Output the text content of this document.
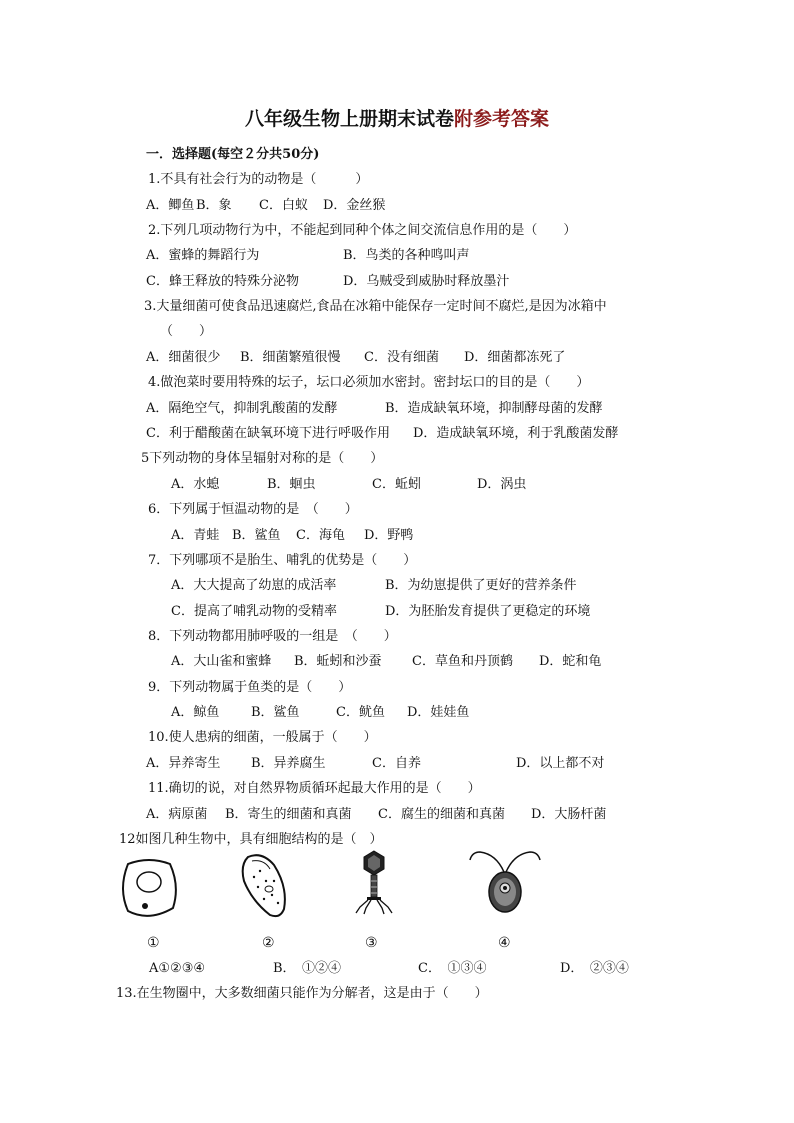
八年级生物上册期末试卷附参考答案
一．选择题(每空２分共50分)
1.不具有社会行为的动物是（　　　）
A．鲫鱼 B．象 C．白蚁 D．金丝猴
2.下列几项动物行为中，不能起到同种个体之间交流信息作用的是（　　）
A．蜜蜂的舞蹈行为	B．鸟类的各种鸣叫声
C．蜂王释放的特殊分泌物	D．乌贼受到威胁时释放墨汁
3.大量细菌可使食品迅速腐烂,食品在冰箱中能保存一定时间不腐烂,是因为冰箱中
（　　）
A．细菌很少 B．细菌繁殖很慢 C．没有细菌 D．细菌都冻死了
4.做泡菜时要用特殊的坛子，坛口必须加水密封。密封坛口的目的是（　　）
A．隔绝空气，抑制乳酸菌的发酵	B．造成缺氧环境，抑制酵母菌的发酵
C．利于醋酸菌在缺氧环境下进行呼吸作用 D．造成缺氧环境，利于乳酸菌发酵
5下列动物的身体呈辐射对称的是（　　）
A．水螅	B．蛔虫	C．蚯蚓	D．涡虫
6．下列属于恒温动物的是　（　　）
A．青蛙 B．鲨鱼 C．海龟 D．野鸭
7．下列哪项不是胎生、哺乳的优势是（　　）
A．大大提高了幼崽的成活率	B．为幼崽提供了更好的营养条件
C．提高了哺乳动物的受精率	D．为胚胎发育提供了更稳定的环境
8．下列动物都用肺呼吸的一组是　（　　）
A．大山雀和蜜蜂 B．蚯蚓和沙蚕 C．草鱼和丹顶鹤 D．蛇和龟
9．下列动物属于鱼类的是（　　）
A．鲸鱼 B．鲨鱼	C．鱿鱼 D．娃娃鱼
10.使人患病的细菌，一般属于（　　）
A．异养寄生 B．异养腐生	C．自养	D．以上都不对
11.确切的说，对自然界物质循环起最大作用的是（　　）
A．病原菌 B．寄生的细菌和真菌 C．腐生的细菌和真菌 D．大肠杆菌
12如图几种生物中，具有细胞结构的是（　）
①	②	③	④
A①②③④	B．　①②④	C．　①③④	D．　②③④
13.在生物圈中，大多数细菌只能作为分解者，这是由于（　　）
